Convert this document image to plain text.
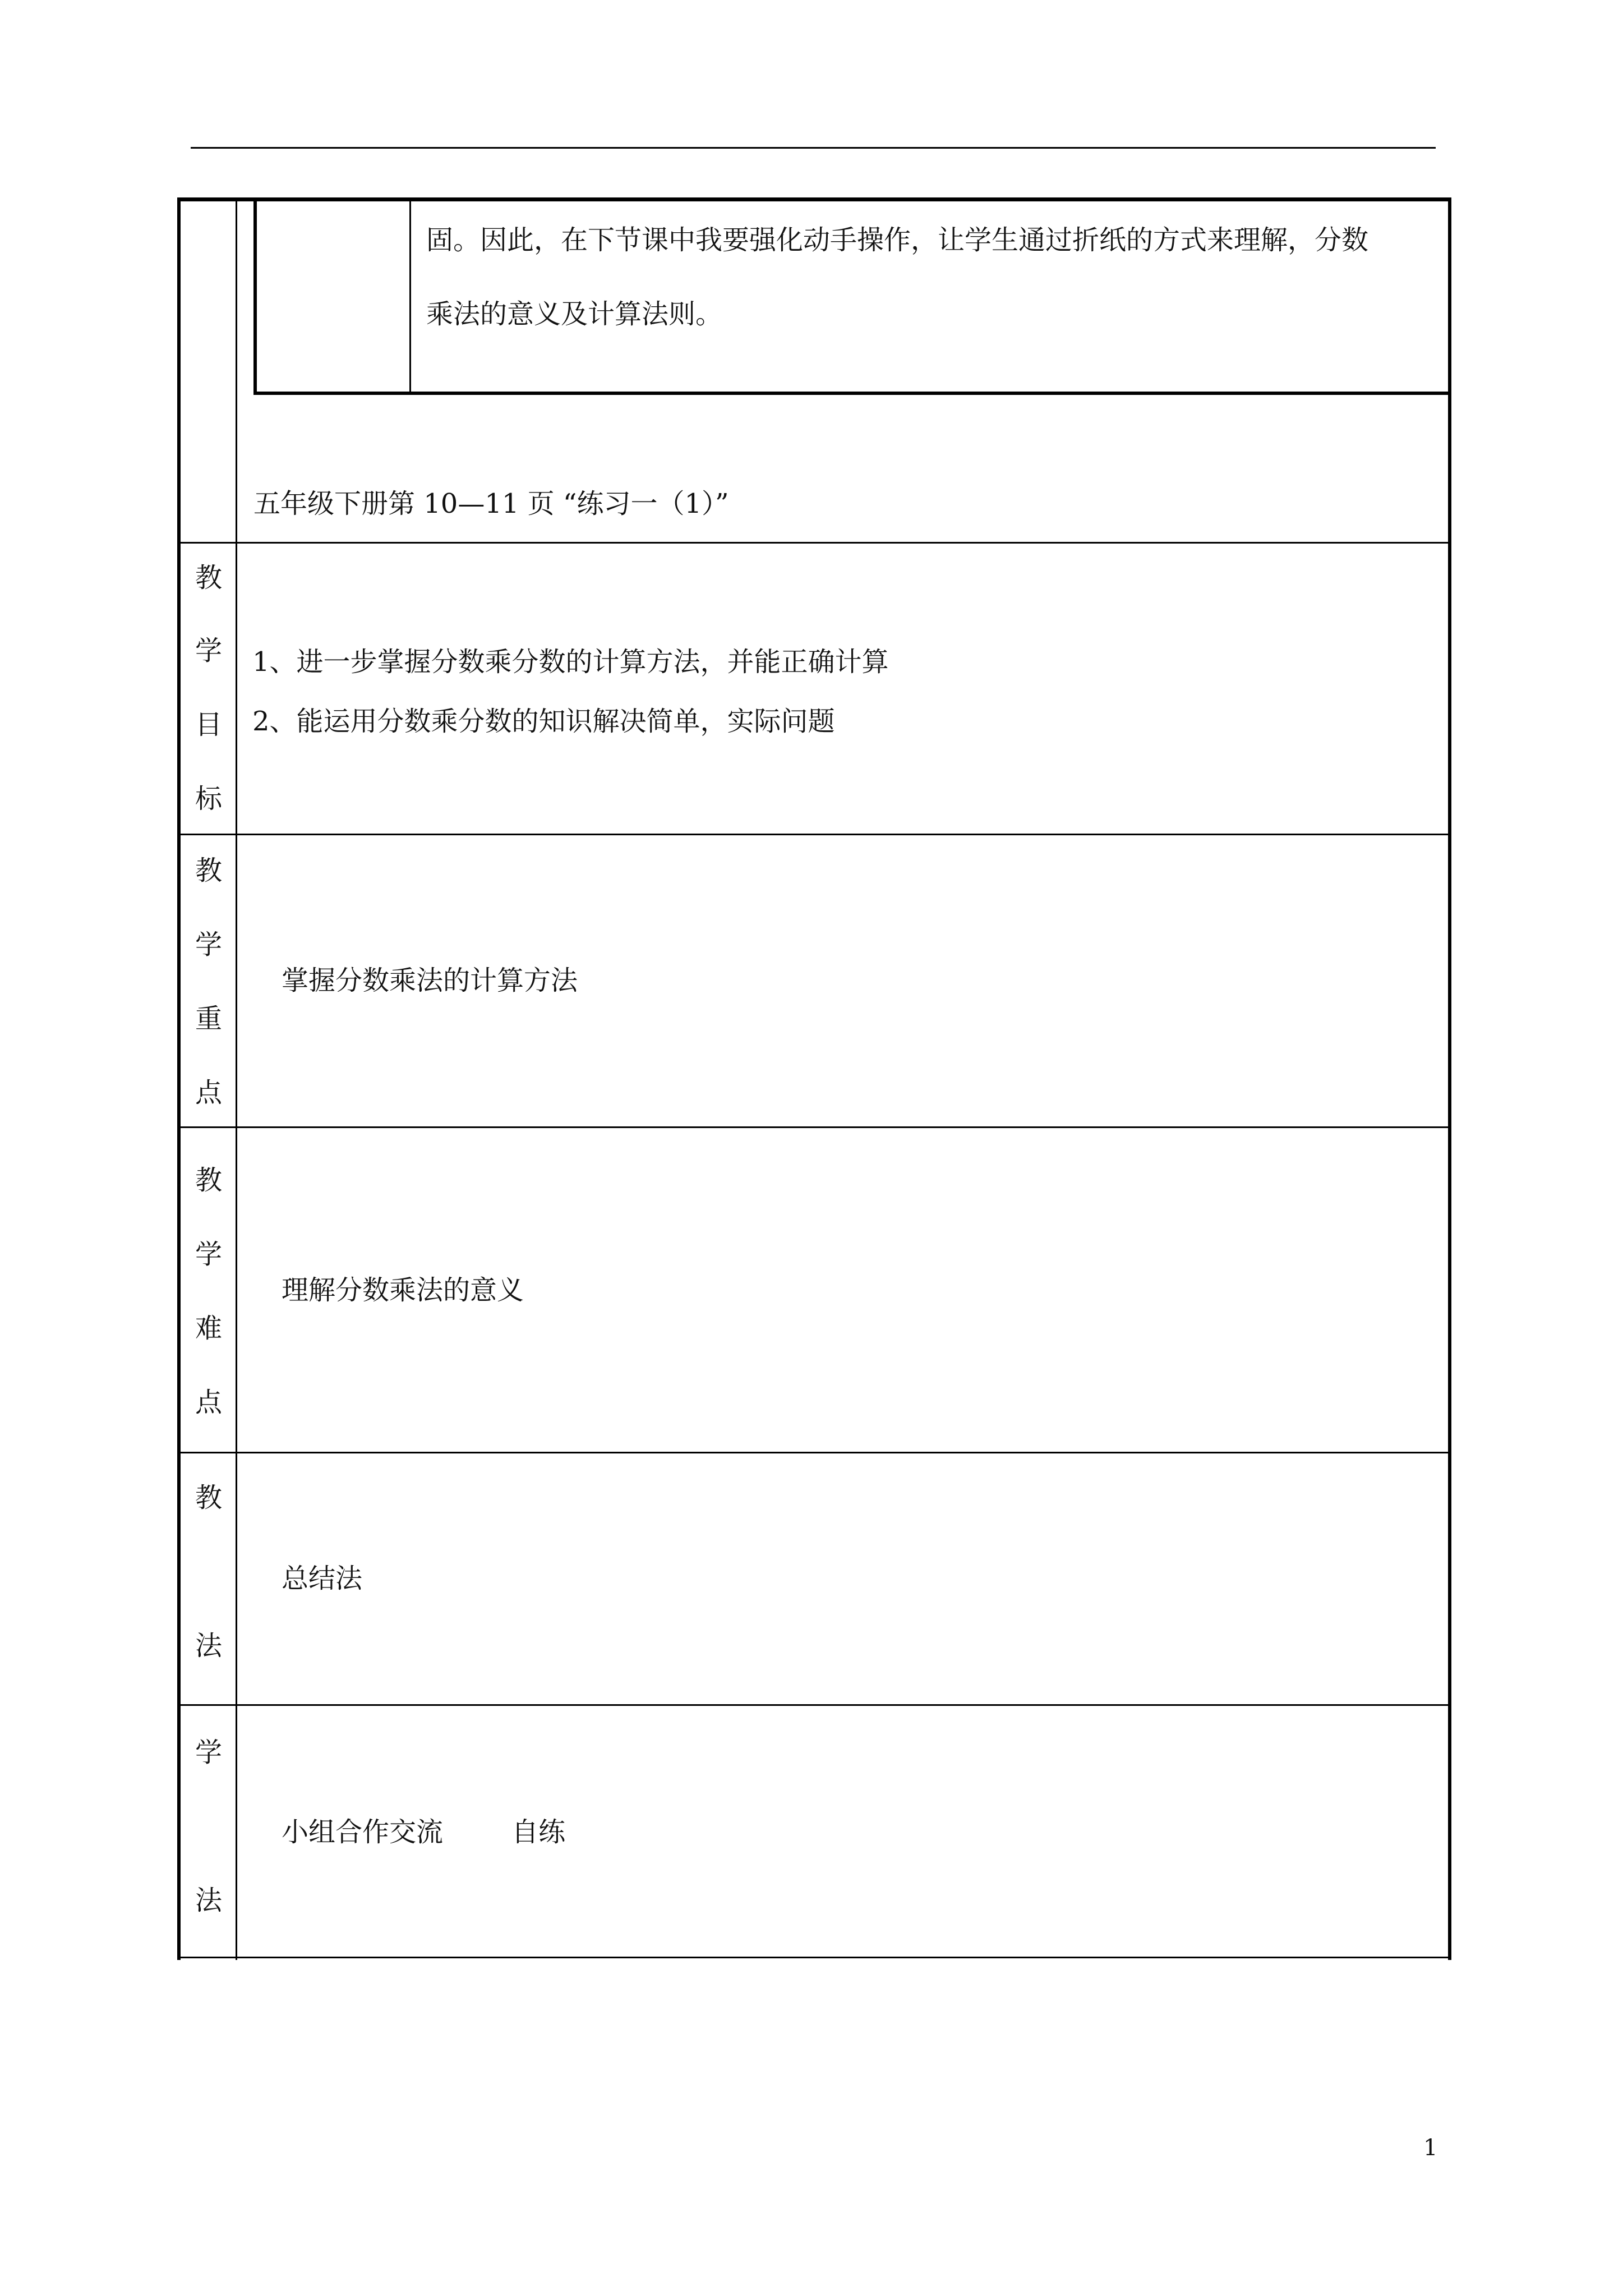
固。因此，在下节课中我要强化动手操作，让学生通过折纸的方式来理解，分数
乘法的意义及计算法则。
五年级下册第 10—11 页 “练习一（1）”
教
学
目
标
1、进一步掌握分数乘分数的计算方法，并能正确计算
2、能运用分数乘分数的知识解决简单，实际问题
教
学
重
点
掌握分数乘法的计算方法
教
学
难
点
理解分数乘法的意义
教
法
总结法
学
法
小组合作交流        自练
1
